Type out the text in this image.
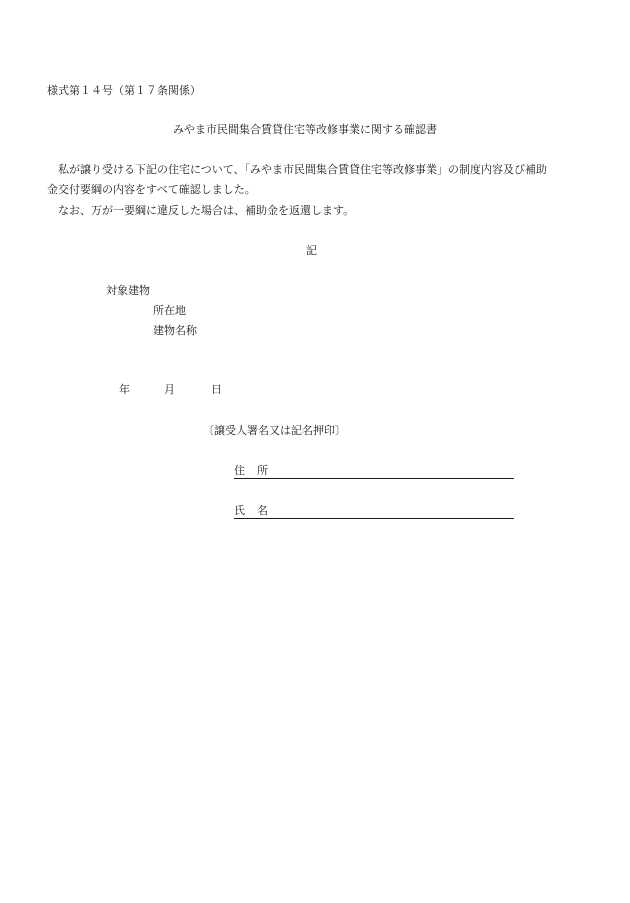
様式第１４号（第１７条関係）
みやま市民間集合賃貸住宅等改修事業に関する確認書
私が譲り受ける下記の住宅について、「みやま市民間集合賃貸住宅等改修事業」の制度内容及び補助
金交付要綱の内容をすべて確認しました。
なお、万が一要綱に違反した場合は、補助金を返還します。
記
対象建物
所在地
建物名称
年	月	日
〔譲受人署名又は記名押印〕
住所
氏名
